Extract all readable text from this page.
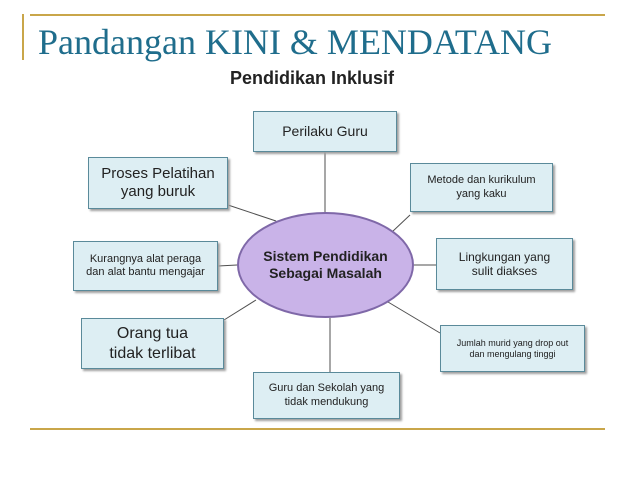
Pandangan KINI & MENDATANG
Pendidikan Inklusif
Sistem Pendidikan
Sebagai Masalah
Perilaku Guru
Proses Pelatihan
yang buruk
Metode dan kurikulum
yang kaku
Kurangnya alat peraga
dan alat bantu mengajar
Lingkungan yang
sulit diakses
Orang tua
tidak terlibat
Jumlah murid yang drop out
dan mengulang tinggi
Guru dan Sekolah yang
tidak mendukung
